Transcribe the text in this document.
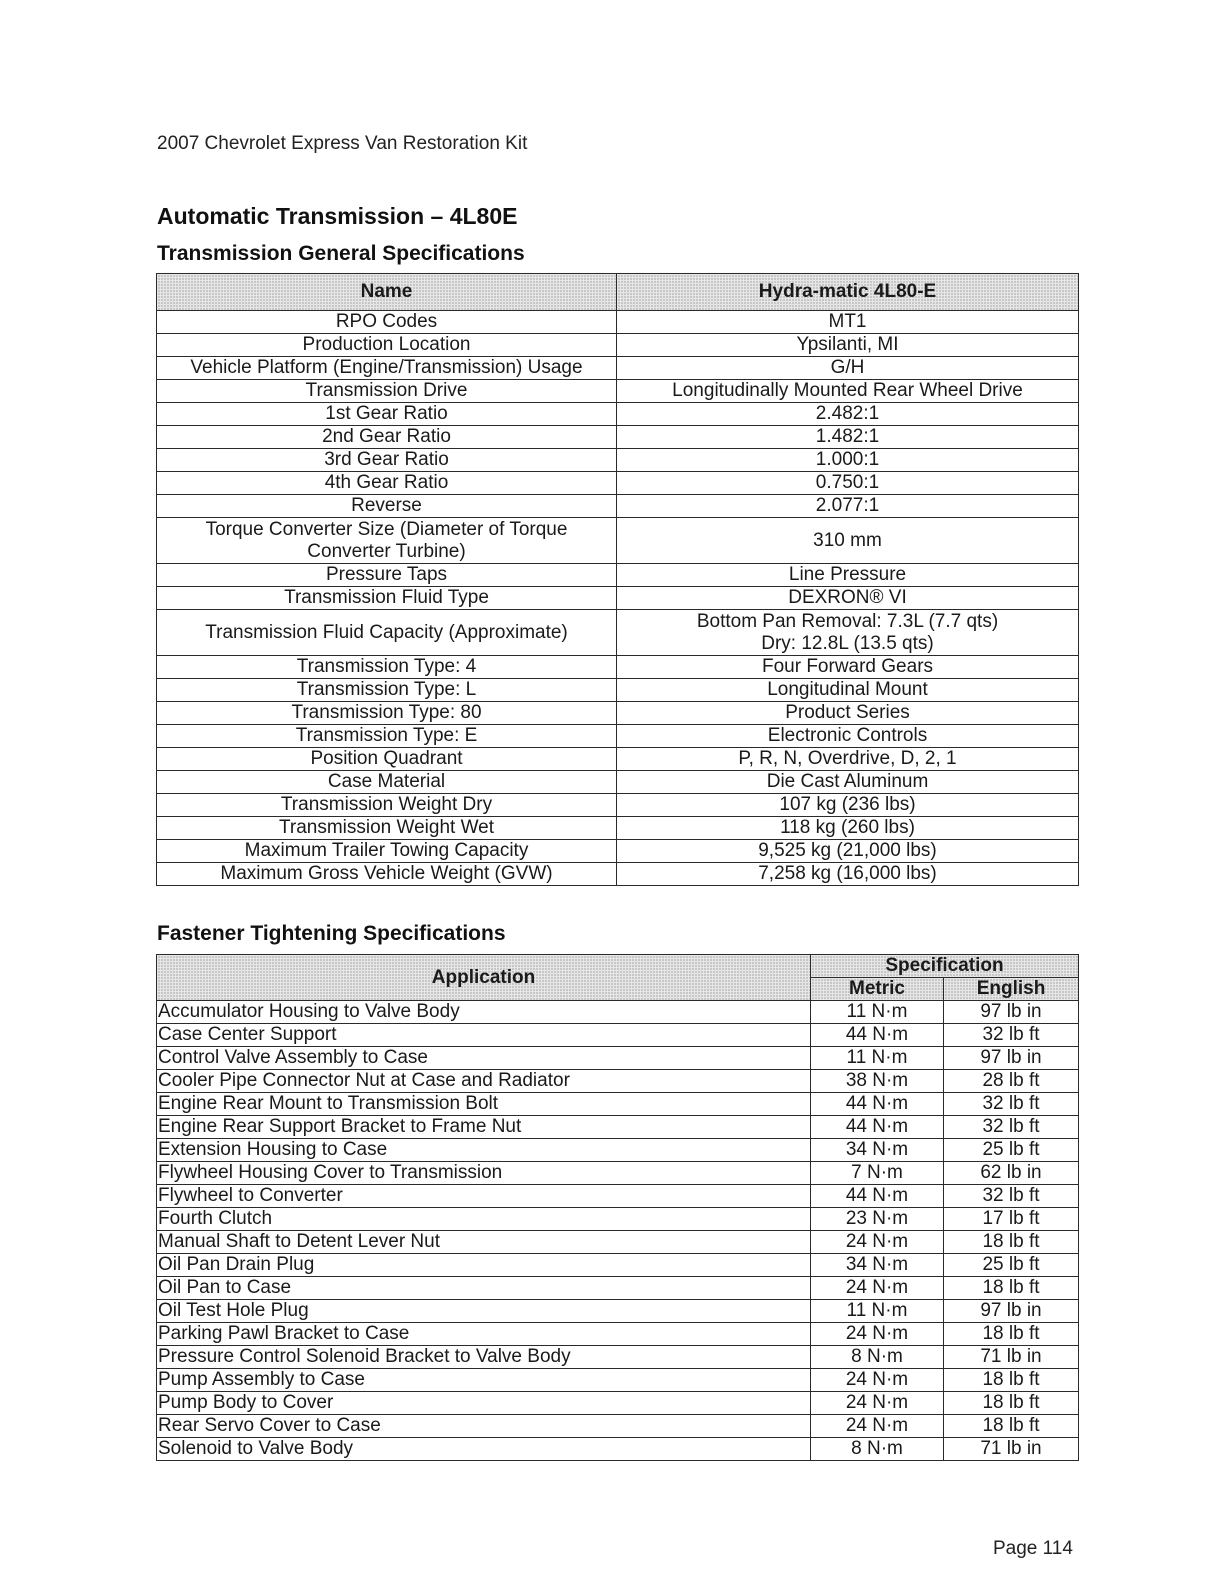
2007 Chevrolet Express Van Restoration Kit
Automatic Transmission – 4L80E
Transmission General Specifications
Name	Hydra-matic 4L80-E
RPO Codes	MT1
Production Location	Ypsilanti, MI
Vehicle Platform (Engine/Transmission) Usage	G/H
Transmission Drive	Longitudinally Mounted Rear Wheel Drive
1st Gear Ratio	2.482:1
2nd Gear Ratio	1.482:1
3rd Gear Ratio	1.000:1
4th Gear Ratio	0.750:1
Reverse	2.077:1
Torque Converter Size (Diameter of Torque Converter Turbine)	310 mm
Pressure Taps	Line Pressure
Transmission Fluid Type	DEXRON® VI
Transmission Fluid Capacity (Approximate)	Bottom Pan Removal: 7.3L (7.7 qts)
Dry: 12.8L (13.5 qts)

Transmission Type: 4	Four Forward Gears
Transmission Type: L	Longitudinal Mount
Transmission Type: 80	Product Series
Transmission Type: E	Electronic Controls
Position Quadrant	P, R, N, Overdrive, D, 2, 1
Case Material	Die Cast Aluminum
Transmission Weight Dry	107 kg (236 lbs)
Transmission Weight Wet	118 kg (260 lbs)
Maximum Trailer Towing Capacity	9,525 kg (21,000 lbs)
Maximum Gross Vehicle Weight (GVW)	7,258 kg (16,000 lbs)
Fastener Tightening Specifications
Application	Specification	
	Metric	English
Accumulator Housing to Valve Body	11 N·m	97 lb in
Case Center Support	44 N·m	32 lb ft
Control Valve Assembly to Case	11 N·m	97 lb in
Cooler Pipe Connector Nut at Case and Radiator	38 N·m	28 lb ft
Engine Rear Mount to Transmission Bolt	44 N·m	32 lb ft
Engine Rear Support Bracket to Frame Nut	44 N·m	32 lb ft
Extension Housing to Case	34 N·m	25 lb ft
Flywheel Housing Cover to Transmission	7 N·m	62 lb in
Flywheel to Converter	44 N·m	32 lb ft
Fourth Clutch	23 N·m	17 lb ft
Manual Shaft to Detent Lever Nut	24 N·m	18 lb ft
Oil Pan Drain Plug	34 N·m	25 lb ft
Oil Pan to Case	24 N·m	18 lb ft
Oil Test Hole Plug	11 N·m	97 lb in
Parking Pawl Bracket to Case	24 N·m	18 lb ft
Pressure Control Solenoid Bracket to Valve Body	8 N·m	71 lb in
Pump Assembly to Case	24 N·m	18 lb ft
Pump Body to Cover	24 N·m	18 lb ft
Rear Servo Cover to Case	24 N·m	18 lb ft
Solenoid to Valve Body	8 N·m	71 lb in
Page 114
